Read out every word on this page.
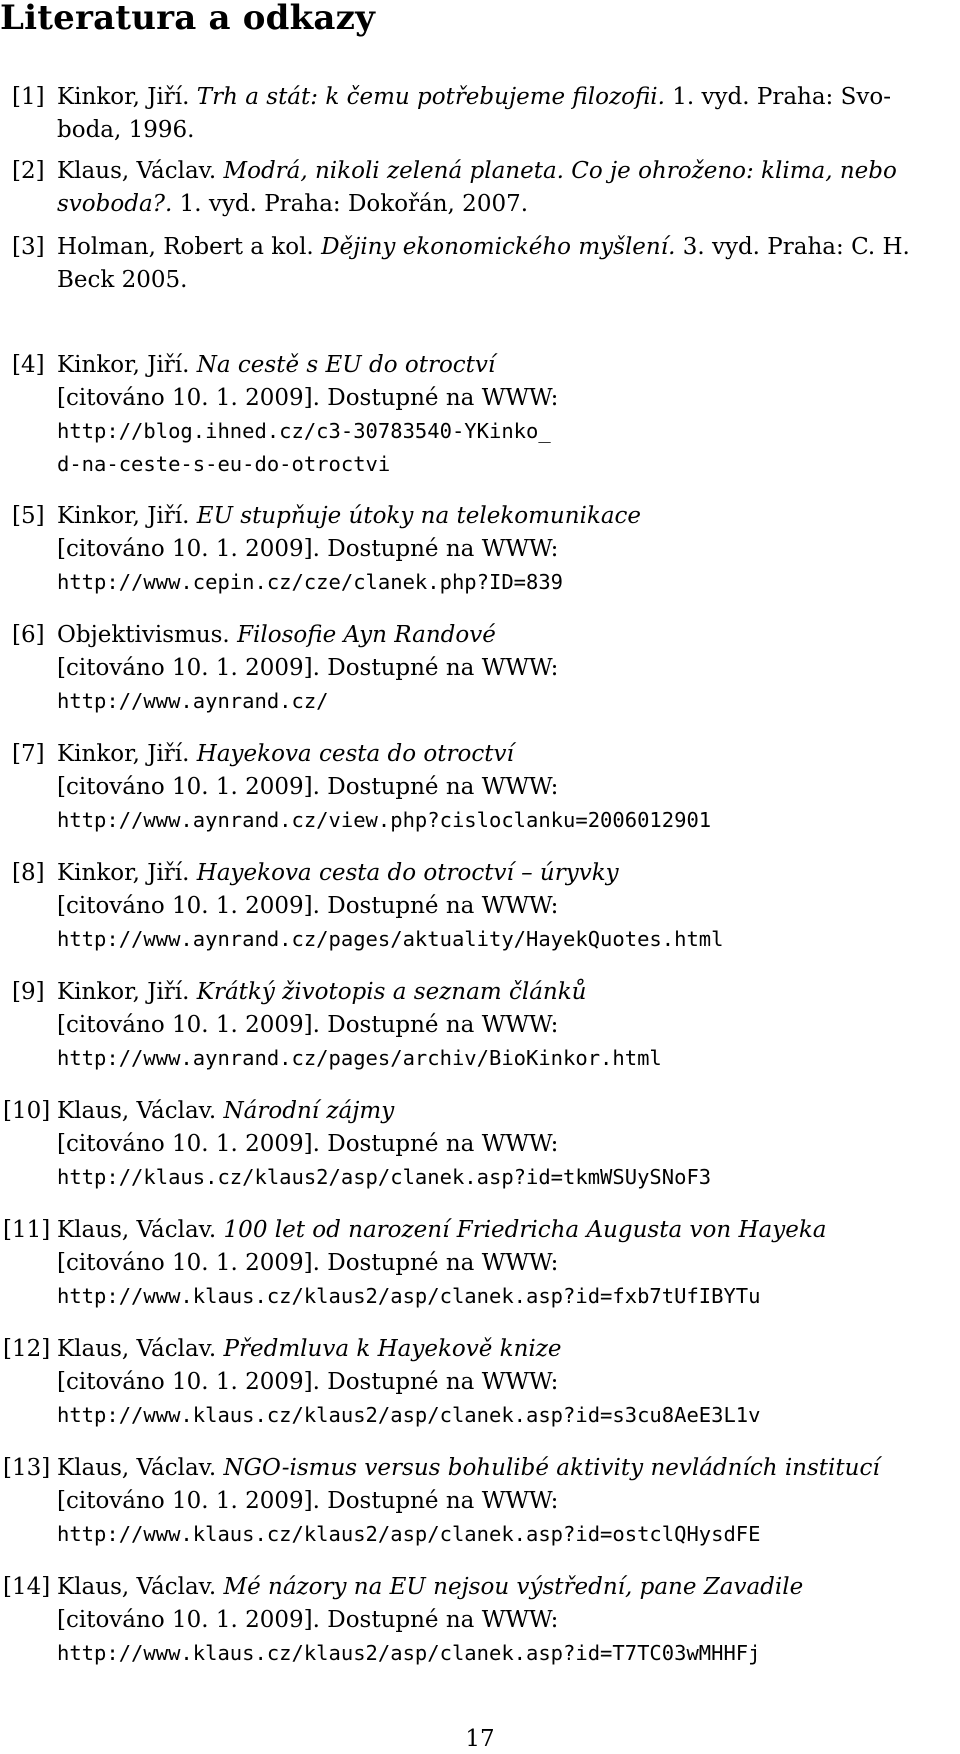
Literatura a odkazy
[1] Kinkor, Jiří. Trh a stát: k čemu potřebujeme filozofii. 1. vyd. Praha: Svo-
boda, 1996.
[2] Klaus, Václav. Modrá, nikoli zelená planeta. Co je ohroženo: klima, nebo
svoboda?. 1. vyd. Praha: Dokořán, 2007.
[3] Holman, Robert a kol. Dějiny ekonomického myšlení. 3. vyd. Praha: C. H.
Beck 2005.
[4] Kinkor, Jiří. Na cestě s EU do otroctví
[citováno 10. 1. 2009]. Dostupné na WWW:
http://blog.ihned.cz/c3-30783540-YKinko_
d-na-ceste-s-eu-do-otroctvi
[5] Kinkor, Jiří. EU stupňuje útoky na telekomunikace
[citováno 10. 1. 2009]. Dostupné na WWW:
http://www.cepin.cz/cze/clanek.php?ID=839
[6] Objektivismus. Filosofie Ayn Randové
[citováno 10. 1. 2009]. Dostupné na WWW:
http://www.aynrand.cz/
[7] Kinkor, Jiří. Hayekova cesta do otroctví
[citováno 10. 1. 2009]. Dostupné na WWW:
http://www.aynrand.cz/view.php?cisloclanku=2006012901
[8] Kinkor, Jiří. Hayekova cesta do otroctví – úryvky
[citováno 10. 1. 2009]. Dostupné na WWW:
http://www.aynrand.cz/pages/aktuality/HayekQuotes.html
[9] Kinkor, Jiří. Krátký životopis a seznam článků
[citováno 10. 1. 2009]. Dostupné na WWW:
http://www.aynrand.cz/pages/archiv/BioKinkor.html
[10] Klaus, Václav. Národní zájmy
[citováno 10. 1. 2009]. Dostupné na WWW:
http://klaus.cz/klaus2/asp/clanek.asp?id=tkmWSUySNoF3
[11] Klaus, Václav. 100 let od narození Friedricha Augusta von Hayeka
[citováno 10. 1. 2009]. Dostupné na WWW:
http://www.klaus.cz/klaus2/asp/clanek.asp?id=fxb7tUfIBYTu
[12] Klaus, Václav. Předmluva k Hayekově knize
[citováno 10. 1. 2009]. Dostupné na WWW:
http://www.klaus.cz/klaus2/asp/clanek.asp?id=s3cu8AeE3L1v
[13] Klaus, Václav. NGO-ismus versus bohulibé aktivity nevládních institucí
[citováno 10. 1. 2009]. Dostupné na WWW:
http://www.klaus.cz/klaus2/asp/clanek.asp?id=ostclQHysdFE
[14] Klaus, Václav. Mé názory na EU nejsou výstřední, pane Zavadile
[citováno 10. 1. 2009]. Dostupné na WWW:
http://www.klaus.cz/klaus2/asp/clanek.asp?id=T7TC03wMHHFj
17
